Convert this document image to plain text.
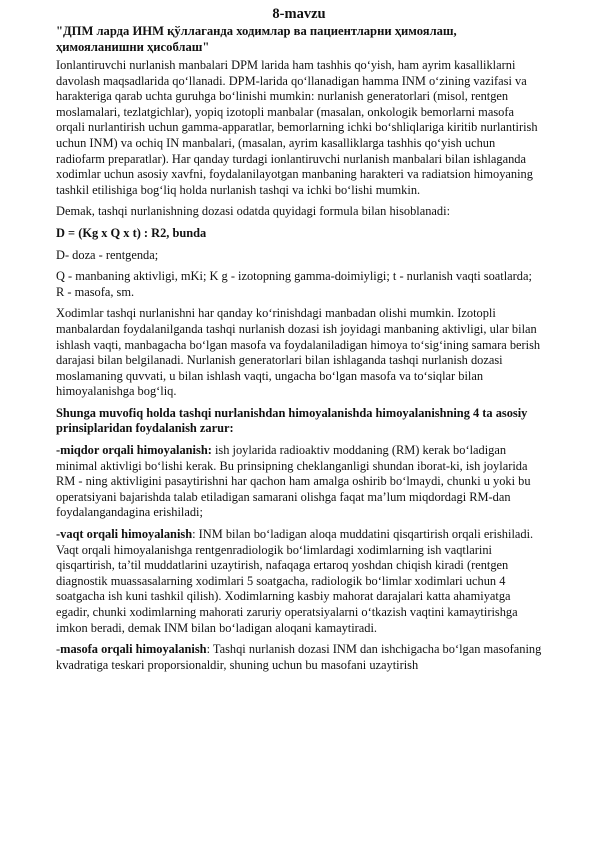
8-mavzu
"ДПМ ларда ИНМ қўллаганда ходимлар ва пациентларни ҳимоялаш, ҳимояланишни ҳисоблаш"

Ionlantiruvchi nurlanish manbalari DPM larida ham tashhis qo‘yish, ham ayrim kasalliklarni davolash maqsadlarida qo‘llanadi. DPM-larida qo‘llanadigan hamma INM o‘zining vazifasi va harakteriga qarab uchta guruhga bo‘linishi mumkin: nurlanish generatorlari (misol, rentgen moslamalari, tezlatgichlar), yopiq izotopli manbalar (masalan, onkologik bemorlarni masofa orqali nurlantirish uchun gamma-apparatlar, bemorlarning ichki bo‘shliqlariga kiritib nurlantirish uchun INM) va ochiq IN manbalari, (masalan, ayrim kasalliklarga tashhis qo‘yish uchun radiofarm preparatlar). Har qanday turdagi ionlantiruvchi nurlanish manbalari bilan ishlaganda xodimlar uchun asosiy xavfni, foydalanilayotgan manbaning harakteri va radiatsion himoyaning tashkil etilishiga bog‘liq holda nurlanish tashqi va ichki bo‘lishi mumkin.

Demak, tashqi nurlanishning dozasi odatda quyidagi formula bilan hisoblanadi:

D = (Kg x Q x t) : R2, bunda

D- doza - rentgenda;

Q - manbaning aktivligi, mKi; K g - izotopning gamma-doimiyligi; t - nurlanish vaqti soatlarda; R - masofa, sm.

Xodimlar tashqi nurlanishni har qanday ko‘rinishdagi manbadan olishi mumkin. Izotopli manbalardan foydalanilganda tashqi nurlanish dozasi ish joyidagi manbaning aktivligi, ular bilan ishlash vaqti, manbagacha bo‘lgan masofa va foydalaniladigan himoya to‘sig‘ining samara berish darajasi bilan belgilanadi. Nurlanish generatorlari bilan ishlaganda tashqi nurlanish dozasi moslamaning quvvati, u bilan ishlash vaqti, ungacha bo‘lgan masofa va to‘siqlar bilan himoyalanishga bog‘liq.

Shunga muvofiq holda tashqi nurlanishdan himoyalanishda himoyalanishning 4 ta asosiy prinsiplaridan foydalanish zarur:

-miqdor orqali himoyalanish: ish joylarida radioaktiv moddaning (RM) kerak bo‘ladigan minimal aktivligi bo‘lishi kerak. Bu prinsipning cheklanganligi shundan iborat-ki, ish joylarida RM - ning aktivligini pasaytirishni har qachon ham amalga oshirib bo‘lmaydi, chunki u yoki bu operatsiyani bajarishda talab etiladigan samarani olishga faqat ma’lum miqdordagi RM-dan foydalangandagina erishiladi;

-vaqt orqali himoyalanish: INM bilan bo‘ladigan aloqa muddatini qisqartirish orqali erishiladi. Vaqt orqali himoyalanishga rentgenradiologik bo‘limlardagi xodimlarning ish vaqtlarini qisqartirish, ta’til muddatlarini uzaytirish, nafaqaga ertaroq yoshdan chiqish kiradi (rentgen diagnostik muassasalarning xodimlari 5 soatgacha, radiologik bo‘limlar xodimlari uchun 4 soatgacha ish kuni tashkil qilish). Xodimlarning kasbiy mahorat darajalari katta ahamiyatga egadir, chunki xodimlarning mahorati zaruriy operatsiyalarni o‘tkazish vaqtini kamaytirishga imkon beradi, demak INM bilan bo‘ladigan aloqani kamaytiradi.

-masofa orqali himoyalanish: Tashqi nurlanish dozasi INM dan ishchigacha bo‘lgan masofaning kvadratiga teskari proporsionaldir, shuning uchun bu masofani uzaytirish
